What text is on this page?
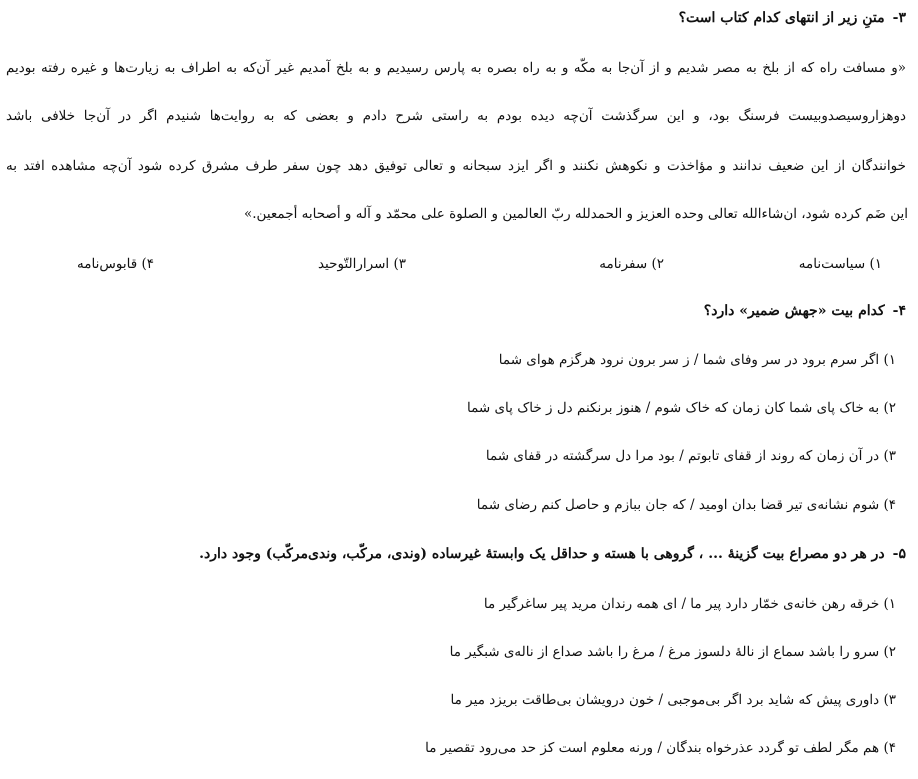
۳-متنِ زیر از انتهای کدام کتاب است؟
«و مسافت راه که از بلخ به مصر شدیم و از آن‌جا به مکّه و به راه بصره به پارس رسیدیم و به بلخ آمدیم غیر آن‌که به اطراف به زیارت‌ها و غیره رفته بودیم
دوهزاروسیصدوبیست فرسنگ بود، و این سرگذشت آن‌چه دیده بودم به راستی شرح دادم و بعضی که به روایت‌ها شنیدم اگر در آن‌جا خلافی باشد
خوانندگان از این ضعیف ندانند و مؤاخذت و نکوهش نکنند و اگر ایزد سبحانه و تعالی توفیق دهد چون سفر طرف مشرق کرده شود آن‌چه مشاهده افتد به
این ضَم کرده شود، ان‌شاءالله تعالی وحده العزیز و الحمدلله ربّ العالمین و الصلوة علی محمّد و آله و أصحابه أجمعین.»
۱) سیاست‌نامه
۲) سفرنامه
۳) اسرارالتّوحید
۴) قابوس‌نامه
۴-کدام بیت «جهش ضمیر» دارد؟
۱) اگر سرم برود در سر وفای شما / ز سر برون نرود هرگزم هوای شما
۲) به خاک پای شما کان زمان که خاک شوم / هنوز برنکنم دل ز خاک پای شما
۳) در آن زمان که روند از قفای تابوتم / بود مرا دل سرگشته در قفای شما
۴) شوم نشانه‌ی تیر قضا بدان اومید / که جان ببازم و حاصل کنم رضای شما
۵-در هر دو مصراع بیت گزینهٔ ... ، گروهی با هسته و حداقل یک وابستهٔ غیرساده (وندی، مرکّب، وندی‌مرکّب) وجود دارد.
۱) خرقه رهن خانه‌ی خمّار دارد پیر ما / ای همه رندان مرید پیر ساغرگیر ما
۲) سرو را باشد سماع از نالهٔ دلسوز مرغ / مرغ را باشد صداع از ناله‌ی شبگیر ما
۳) داوری پیش که شاید برد اگر بی‌موجبی / خون درویشان بی‌طاقت بریزد میر ما
۴) هم مگر لطف تو گردد عذرخواه بندگان / ورنه معلوم است کز حد می‌رود تقصیر ما
